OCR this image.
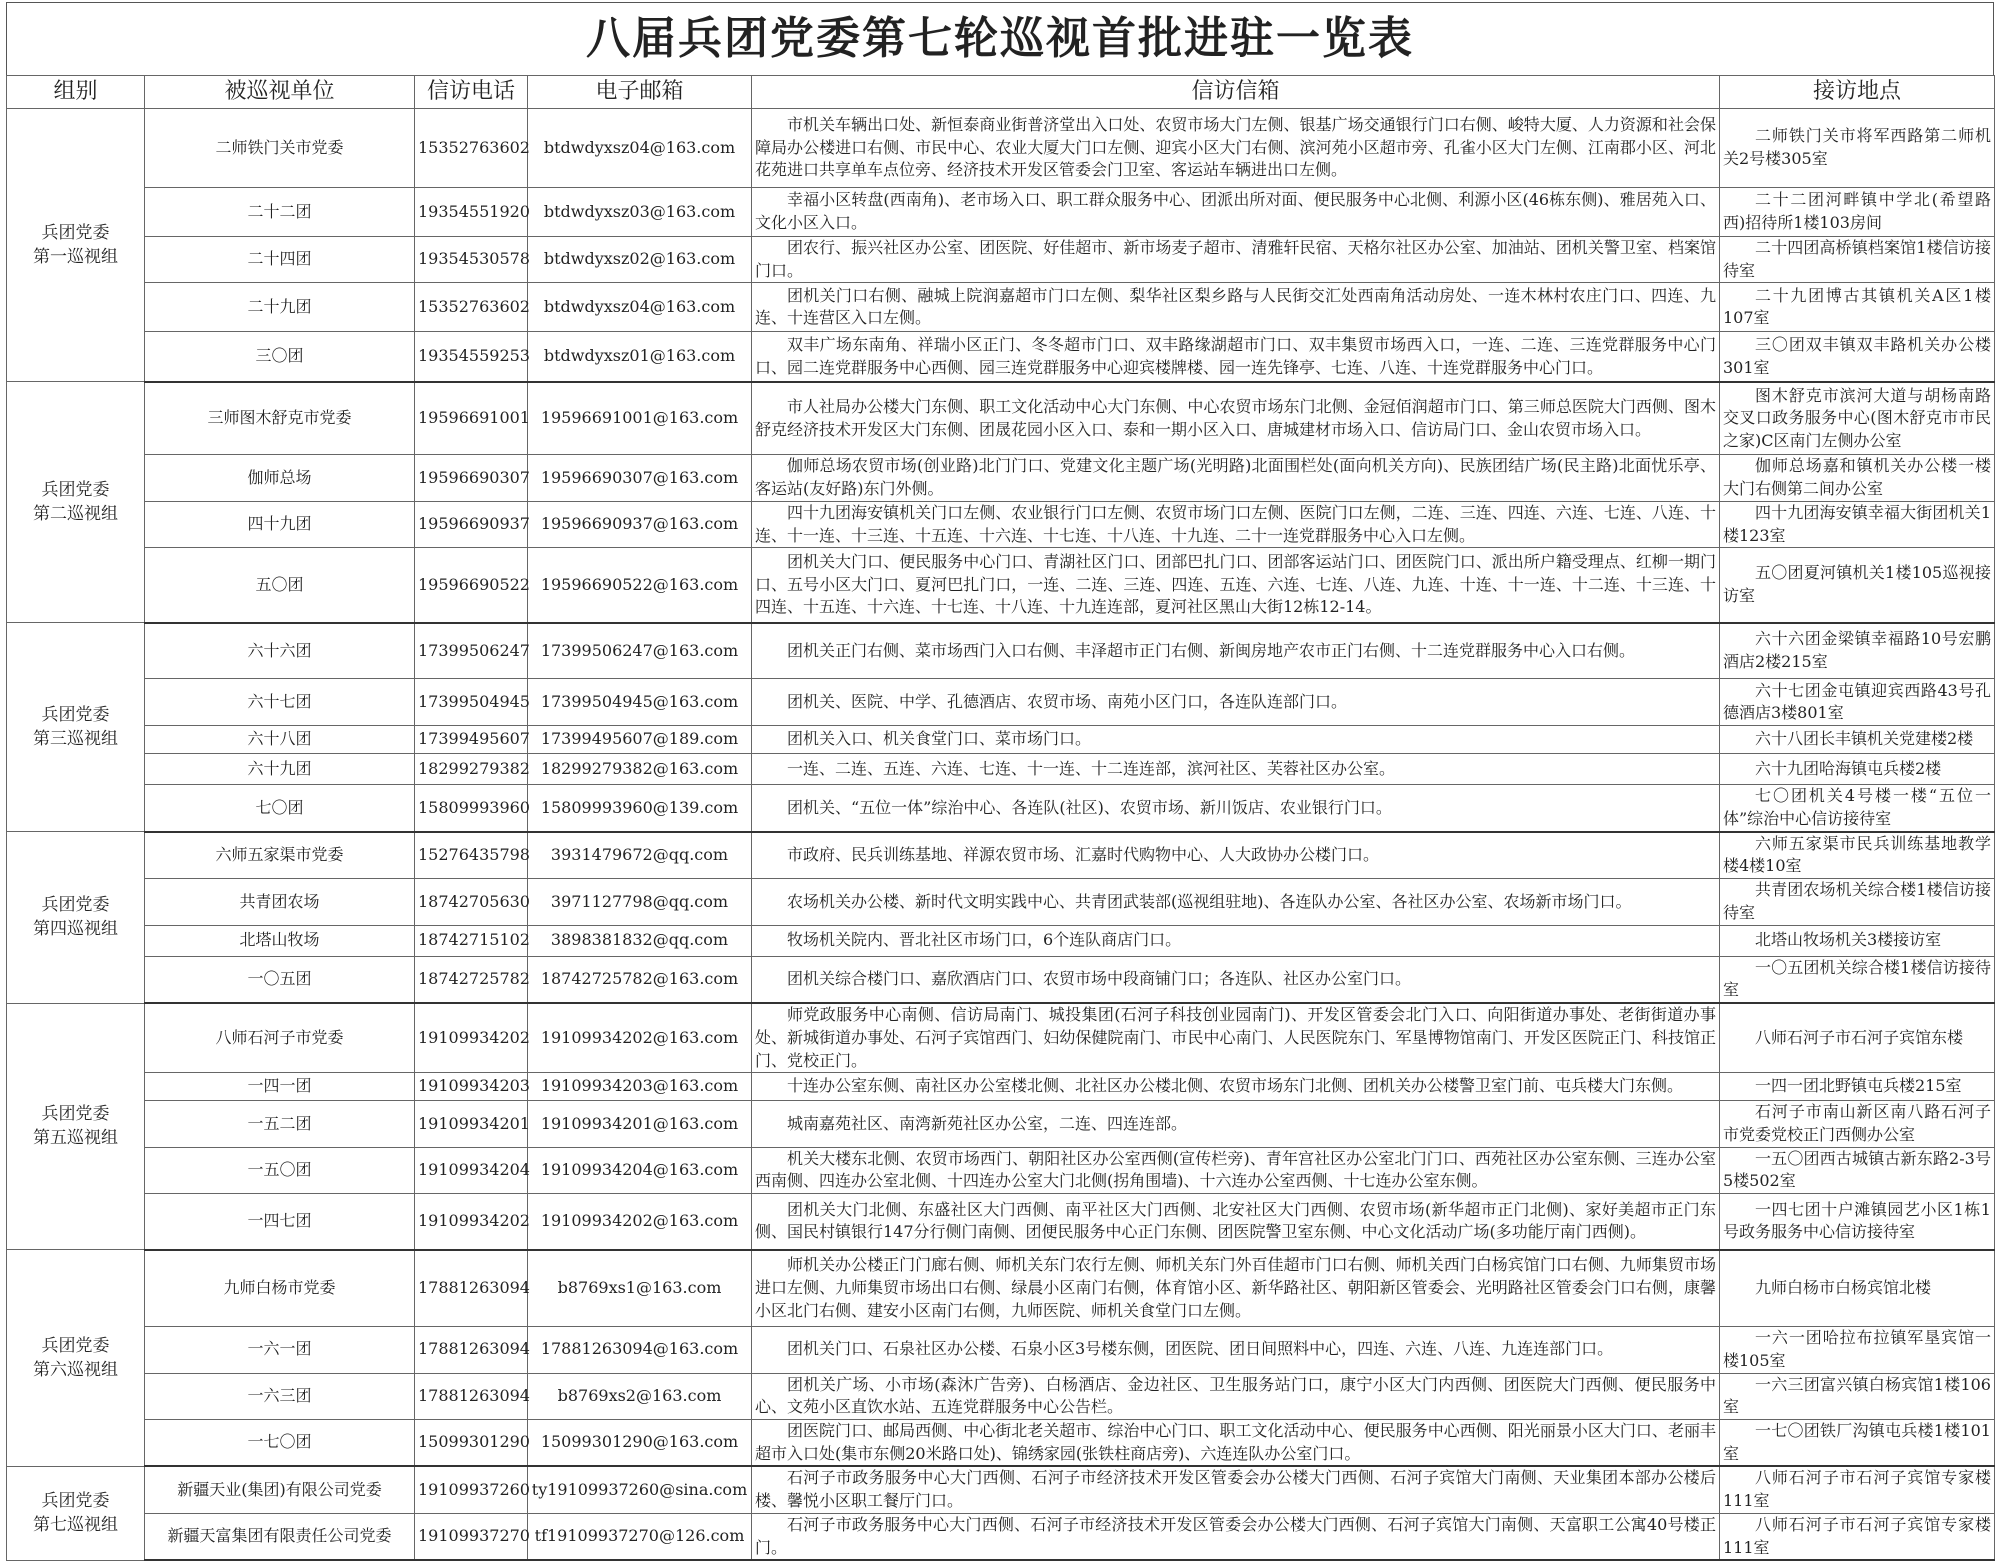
八届兵团党委第七轮巡视首批进驻一览表
组别	被巡视单位	信访电话	电子邮箱	信访信箱	接访地点
兵团党委
第一巡视组	二师铁门关市党委	15352763602	btdwdyxsz04@163.com	市机关车辆出口处、新恒泰商业街普济堂出入口处、农贸市场大门左侧、银基广场交通银行门口右侧、峻特大厦、人力资源和社会保障局办公楼进口右侧、市民中心、农业大厦大门口左侧、迎宾小区大门右侧、滨河苑小区超市旁、孔雀小区大门左侧、江南郡小区、河北花苑进口共享单车点位旁、经济技术开发区管委会门卫室、客运站车辆进出口左侧。	二师铁门关市将军西路第二师机关2号楼305室
	二十二团	19354551920	btdwdyxsz03@163.com	幸福小区转盘(西南角)、老市场入口、职工群众服务中心、团派出所对面、便民服务中心北侧、利源小区(46栋东侧)、雅居苑入口、文化小区入口。	二十二团河畔镇中学北(希望路西)招待所1楼103房间
	二十四团	19354530578	btdwdyxsz02@163.com	团农行、振兴社区办公室、团医院、好佳超市、新市场麦子超市、清雅轩民宿、天格尔社区办公室、加油站、团机关警卫室、档案馆门口。	二十四团高桥镇档案馆1楼信访接待室
	二十九团	15352763602	btdwdyxsz04@163.com	团机关门口右侧、融城上院润嘉超市门口左侧、梨华社区梨乡路与人民街交汇处西南角活动房处、一连木林村农庄门口、四连、九连、十连营区入口左侧。	二十九团博古其镇机关A区1楼107室
	三〇团	19354559253	btdwdyxsz01@163.com	双丰广场东南角、祥瑞小区正门、冬冬超市门口、双丰路缘湖超市门口、双丰集贸市场西入口，一连、二连、三连党群服务中心门口、园二连党群服务中心西侧、园三连党群服务中心迎宾楼牌楼、园一连先锋亭、七连、八连、十连党群服务中心门口。	三〇团双丰镇双丰路机关办公楼301室
兵团党委
第二巡视组	三师图木舒克市党委	19596691001	19596691001@163.com	市人社局办公楼大门东侧、职工文化活动中心大门东侧、中心农贸市场东门北侧、金冠佰润超市门口、第三师总医院大门西侧、图木舒克经济技术开发区大门东侧、团晟花园小区入口、泰和一期小区入口、唐城建材市场入口、信访局门口、金山农贸市场入口。	图木舒克市滨河大道与胡杨南路交叉口政务服务中心(图木舒克市市民之家)C区南门左侧办公室
	伽师总场	19596690307	19596690307@163.com	伽师总场农贸市场(创业路)北门门口、党建文化主题广场(光明路)北面围栏处(面向机关方向)、民族团结广场(民主路)北面忧乐亭、客运站(友好路)东门外侧。	伽师总场嘉和镇机关办公楼一楼大门右侧第二间办公室
	四十九团	19596690937	19596690937@163.com	四十九团海安镇机关门口左侧、农业银行门口左侧、农贸市场门口左侧、医院门口左侧，二连、三连、四连、六连、七连、八连、十连、十一连、十三连、十五连、十六连、十七连、十八连、十九连、二十一连党群服务中心入口左侧。	四十九团海安镇幸福大街团机关1楼123室
	五〇团	19596690522	19596690522@163.com	团机关大门口、便民服务中心门口、青湖社区门口、团部巴扎门口、团部客运站门口、团医院门口、派出所户籍受理点、红柳一期门口、五号小区大门口、夏河巴扎门口，一连、二连、三连、四连、五连、六连、七连、八连、九连、十连、十一连、十二连、十三连、十四连、十五连、十六连、十七连、十八连、十九连连部，夏河社区黑山大街12栋12-14。	五〇团夏河镇机关1楼105巡视接访室
兵团党委
第三巡视组	六十六团	17399506247	17399506247@163.com	团机关正门右侧、菜市场西门入口右侧、丰泽超市正门右侧、新闽房地产农市正门右侧、十二连党群服务中心入口右侧。	六十六团金梁镇幸福路10号宏鹏酒店2楼215室
	六十七团	17399504945	17399504945@163.com	团机关、医院、中学、孔德酒店、农贸市场、南苑小区门口，各连队连部门口。	六十七团金屯镇迎宾西路43号孔德酒店3楼801室
	六十八团	17399495607	17399495607@189.com	团机关入口、机关食堂门口、菜市场门口。	六十八团长丰镇机关党建楼2楼
	六十九团	18299279382	18299279382@163.com	一连、二连、五连、六连、七连、十一连、十二连连部，滨河社区、芙蓉社区办公室。	六十九团哈海镇屯兵楼2楼
	七〇团	15809993960	15809993960@139.com	团机关、“五位一体”综治中心、各连队(社区)、农贸市场、新川饭店、农业银行门口。	七〇团机关4号楼一楼“五位一体”综治中心信访接待室
兵团党委
第四巡视组	六师五家渠市党委	15276435798	3931479672@qq.com	市政府、民兵训练基地、祥源农贸市场、汇嘉时代购物中心、人大政协办公楼门口。	六师五家渠市民兵训练基地教学楼4楼10室
	共青团农场	18742705630	3971127798@qq.com	农场机关办公楼、新时代文明实践中心、共青团武装部(巡视组驻地)、各连队办公室、各社区办公室、农场新市场门口。	共青团农场机关综合楼1楼信访接待室
	北塔山牧场	18742715102	3898381832@qq.com	牧场机关院内、晋北社区市场门口，6个连队商店门口。	北塔山牧场机关3楼接访室
	一〇五团	18742725782	18742725782@163.com	团机关综合楼门口、嘉欣酒店门口、农贸市场中段商铺门口；各连队、社区办公室门口。	一〇五团机关综合楼1楼信访接待室
兵团党委
第五巡视组	八师石河子市党委	19109934202	19109934202@163.com	师党政服务中心南侧、信访局南门、城投集团(石河子科技创业园南门)、开发区管委会北门入口、向阳街道办事处、老街街道办事处、新城街道办事处、石河子宾馆西门、妇幼保健院南门、市民中心南门、人民医院东门、军垦博物馆南门、开发区医院正门、科技馆正门、党校正门。	八师石河子市石河子宾馆东楼
	一四一团	19109934203	19109934203@163.com	十连办公室东侧、南社区办公室楼北侧、北社区办公楼北侧、农贸市场东门北侧、团机关办公楼警卫室门前、屯兵楼大门东侧。	一四一团北野镇屯兵楼215室
	一五二团	19109934201	19109934201@163.com	城南嘉苑社区、南湾新苑社区办公室，二连、四连连部。	石河子市南山新区南八路石河子市党委党校正门西侧办公室
	一五〇团	19109934204	19109934204@163.com	机关大楼东北侧、农贸市场西门、朝阳社区办公室西侧(宣传栏旁)、青年宫社区办公室北门门口、西苑社区办公室东侧、三连办公室西南侧、四连办公室北侧、十四连办公室大门北侧(拐角围墙)、十六连办公室西侧、十七连办公室东侧。	一五〇团西古城镇古新东路2-3号5楼502室
	一四七团	19109934202	19109934202@163.com	团机关大门北侧、东盛社区大门西侧、南平社区大门西侧、北安社区大门西侧、农贸市场(新华超市正门北侧)、家好美超市正门东侧、国民村镇银行147分行侧门南侧、团便民服务中心正门东侧、团医院警卫室东侧、中心文化活动广场(多功能厅南门西侧)。	一四七团十户滩镇园艺小区1栋1号政务服务中心信访接待室
兵团党委
第六巡视组	九师白杨市党委	17881263094	b8769xs1@163.com	师机关办公楼正门门廊右侧、师机关东门农行左侧、师机关东门外百佳超市门口右侧、师机关西门白杨宾馆门口右侧、九师集贸市场进口左侧、九师集贸市场出口右侧、绿晨小区南门右侧，体育馆小区、新华路社区、朝阳新区管委会、光明路社区管委会门口右侧，康馨小区北门右侧、建安小区南门右侧，九师医院、师机关食堂门口左侧。	九师白杨市白杨宾馆北楼
	一六一团	17881263094	17881263094@163.com	团机关门口、石泉社区办公楼、石泉小区3号楼东侧，团医院、团日间照料中心，四连、六连、八连、九连连部门口。	一六一团哈拉布拉镇军垦宾馆一楼105室
	一六三团	17881263094	b8769xs2@163.com	团机关广场、小市场(森沐广告旁)、白杨酒店、金边社区、卫生服务站门口，康宁小区大门内西侧、团医院大门西侧、便民服务中心、文苑小区直饮水站、五连党群服务中心公告栏。	一六三团富兴镇白杨宾馆1楼106室
	一七〇团	15099301290	15099301290@163.com	团医院门口、邮局西侧、中心街北老关超市、综治中心门口、职工文化活动中心、便民服务中心西侧、阳光丽景小区大门口、老丽丰超市入口处(集市东侧20米路口处)、锦绣家园(张铁柱商店旁)、六连连队办公室门口。	一七〇团铁厂沟镇屯兵楼1楼101室
兵团党委
第七巡视组	新疆天业(集团)有限公司党委	19109937260	ty19109937260@sina.com	石河子市政务服务中心大门西侧、石河子市经济技术开发区管委会办公楼大门西侧、石河子宾馆大门南侧、天业集团本部办公楼后楼、馨悦小区职工餐厅门口。	八师石河子市石河子宾馆专家楼111室
	新疆天富集团有限责任公司党委	19109937270	tf19109937270@126.com	石河子市政务服务中心大门西侧、石河子市经济技术开发区管委会办公楼大门西侧、石河子宾馆大门南侧、天富职工公寓40号楼正门。	八师石河子市石河子宾馆专家楼111室
